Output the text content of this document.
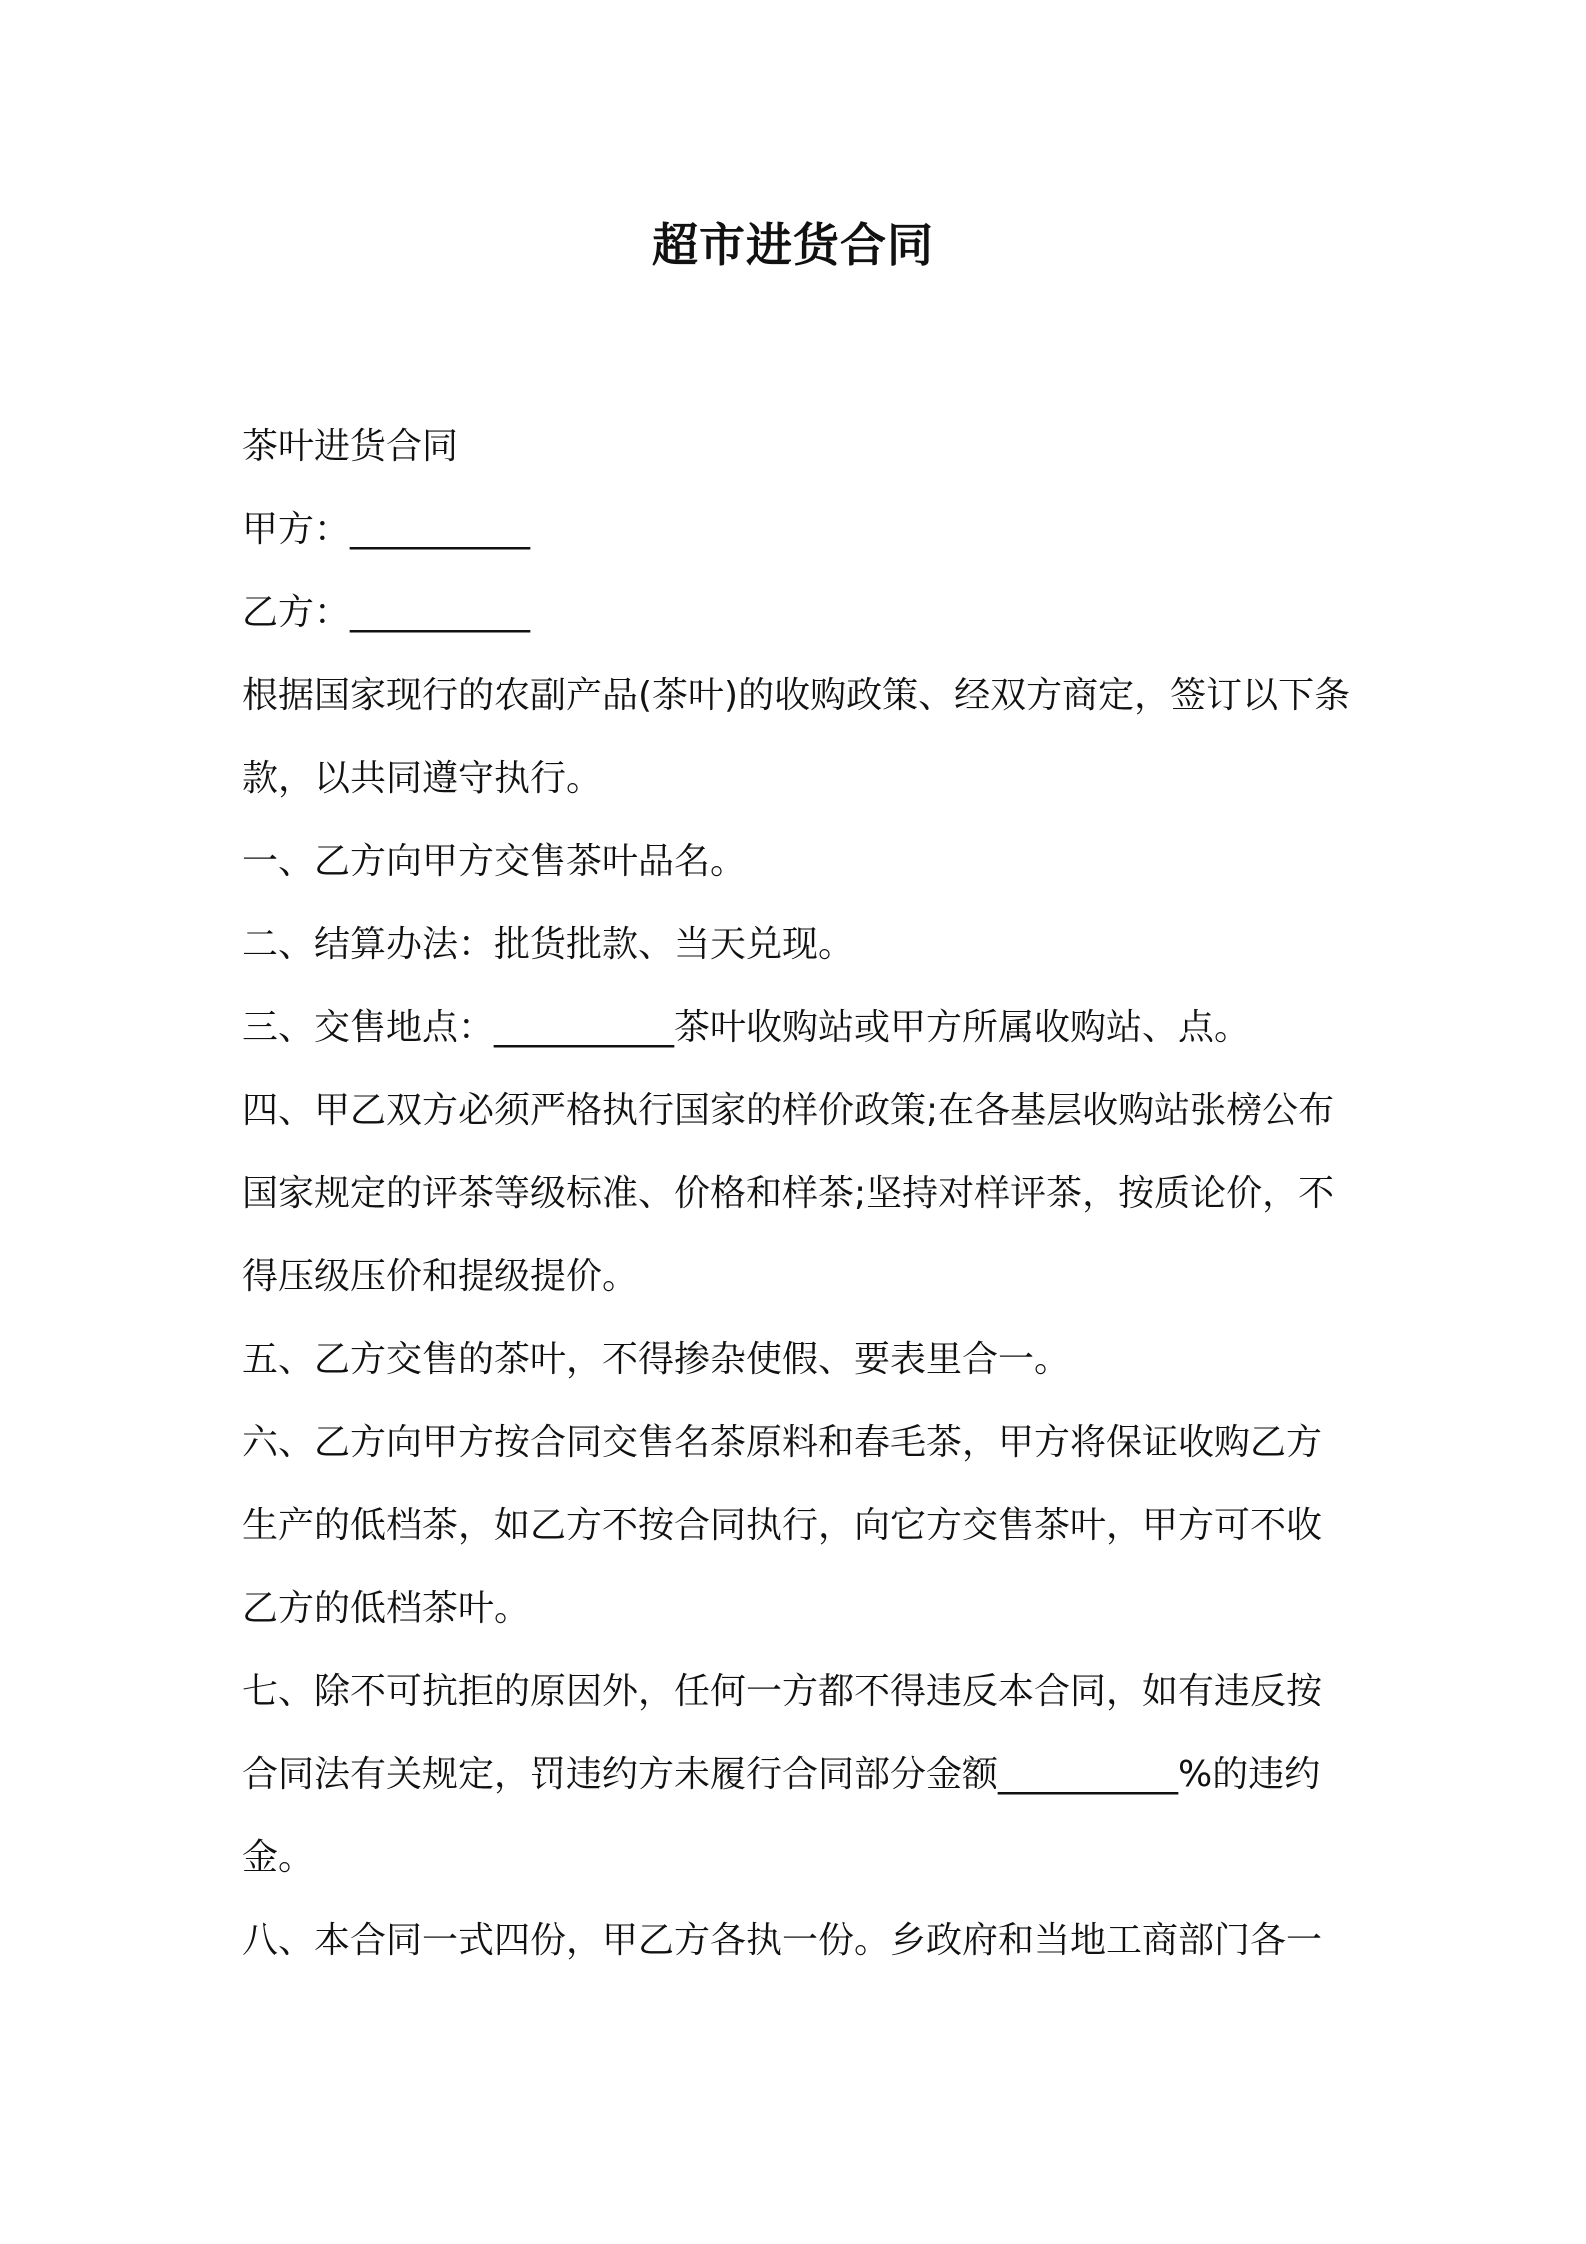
超市进货合同

茶叶进货合同

甲方：__________

乙方：__________

根据国家现行的农副产品(茶叶)的收购政策、经双方商定，签订以下条款，以共同遵守执行。

一、乙方向甲方交售茶叶品名。

二、结算办法：批货批款、当天兑现。

三、交售地点：__________茶叶收购站或甲方所属收购站、点。

四、甲乙双方必须严格执行国家的样价政策;在各基层收购站张榜公布国家规定的评茶等级标准、价格和样茶;坚持对样评茶，按质论价，不得压级压价和提级提价。

五、乙方交售的茶叶，不得掺杂使假、要表里合一。

六、乙方向甲方按合同交售名茶原料和春毛茶，甲方将保证收购乙方生产的低档茶，如乙方不按合同执行，向它方交售茶叶，甲方可不收乙方的低档茶叶。

七、除不可抗拒的原因外，任何一方都不得违反本合同，如有违反按合同法有关规定，罚违约方未履行合同部分金额__________%的违约金。

八、本合同一式四份，甲乙方各执一份。乡政府和当地工商部门各一
